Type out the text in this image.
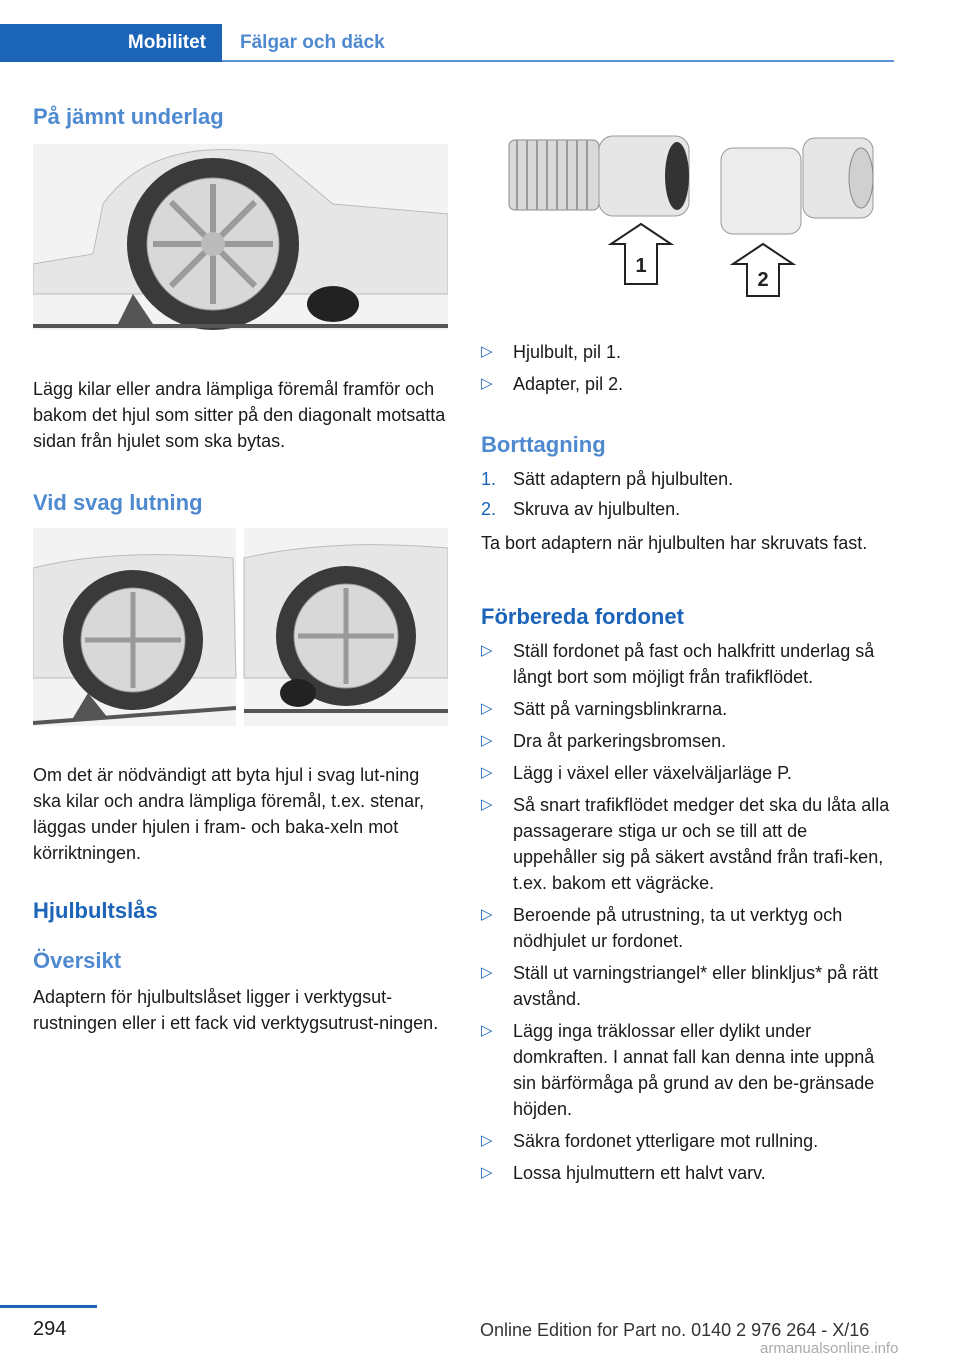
Mobilitet	Fälgar och däck
På jämnt underlag

Lägg kilar eller andra lämpliga föremål framför och bakom det hjul som sitter på den diagonalt motsatta sidan från hjulet som ska bytas.

Vid svag lutning

Om det är nödvändigt att byta hjul i svag lut-ning ska kilar och andra lämpliga föremål, t.ex. stenar, läggas under hjulen i fram- och baka-xeln mot körriktningen.

Hjulbultslås
Översikt

Adaptern för hjulbultslåset ligger i verktygsut-rustningen eller i ett fack vid verktygsutrust-ningen.

1
2
▷ Hjulbult, pil 1.
▷ Adapter, pil 2.
Borttagning
1. Sätt adaptern på hjulbulten.
2. Skruva av hjulbulten.

Ta bort adaptern när hjulbulten har skruvats fast.

Förbereda fordonet
▷ Ställ fordonet på fast och halkfritt underlag så långt bort som möjligt från trafikflödet.
▷ Sätt på varningsblinkrarna.
▷ Dra åt parkeringsbromsen.
▷ Lägg i växel eller växelväljarläge P.
▷ Så snart trafikflödet medger det ska du låta alla passagerare stiga ur och se till att de uppehåller sig på säkert avstånd från trafi-ken, t.ex. bakom ett vägräcke.
▷ Beroende på utrustning, ta ut verktyg och nödhjulet ur fordonet.
▷ Ställ ut varningstriangel* eller blinkljus* på rätt avstånd.
▷ Lägg inga träklossar eller dylikt under domkraften. I annat fall kan denna inte uppnå sin bärförmåga på grund av den be-gränsade höjden.
▷ Säkra fordonet ytterligare mot rullning.
▷ Lossa hjulmuttern ett halvt varv.
294	Online Edition for Part no. 0140 2 976 264 - X/16
armanualsonline.info
